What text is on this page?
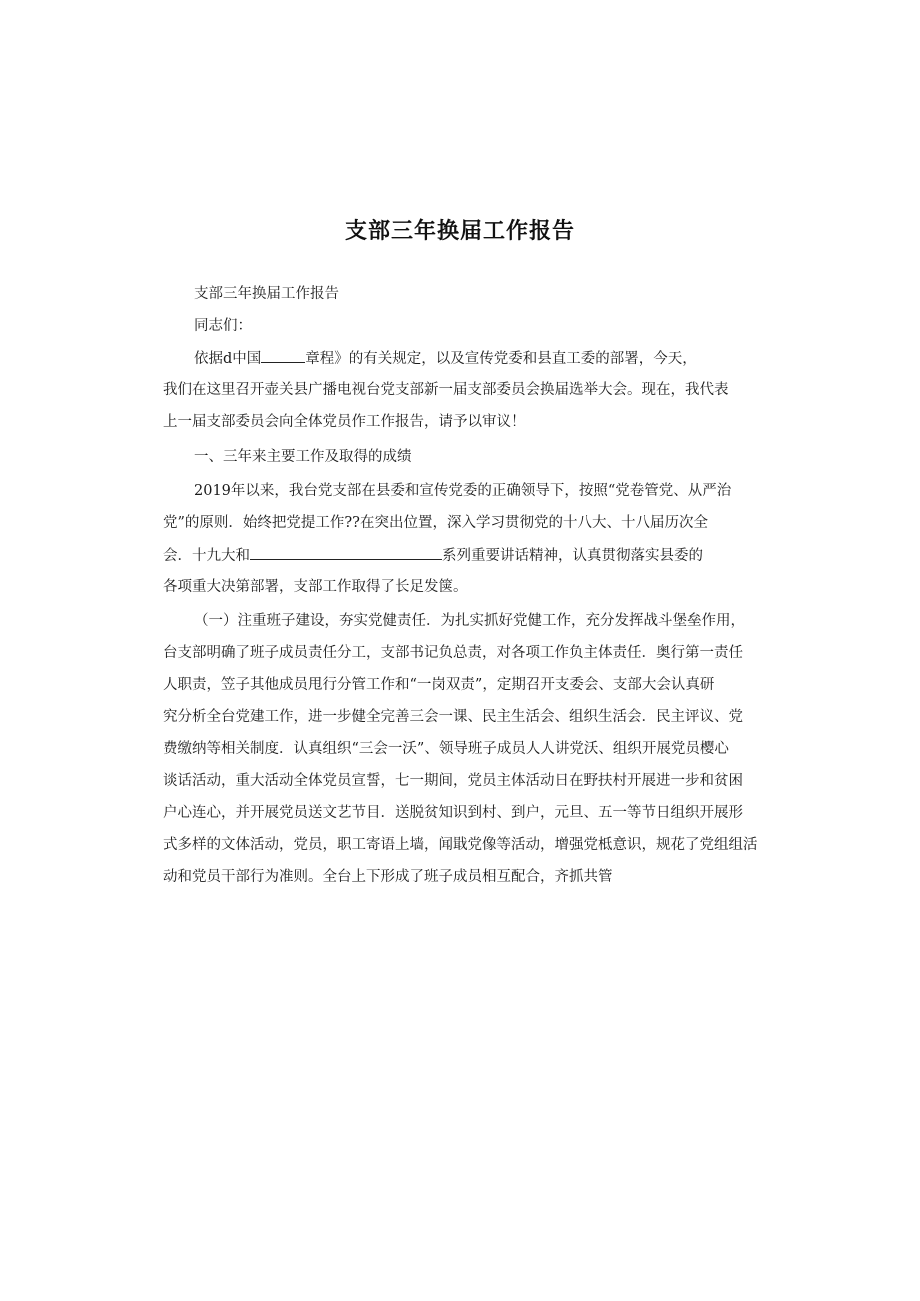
支部三年换届工作报告
支部三年换届工作报告
同志们：
依据d中国	章程》的有关规定，以及宣传党委和县直工委的部署，今天，
我们在这里召开壶关县广播电视台党支部新一届支部委员会换届选举大会。现在，我代表
上一届支部委员会向全体党员作工作报告，请予以审议！
一、三年来主要工作及取得的成绩
2019年以来，我台党支部在县委和宣传党委的正确领导下，按照“党卷管党、从严治
党”的原则．始终把党提工作??在突出位置，深入学习贯彻党的十八大、十八届历次全
会．十九大和	系列重要讲话精神，认真贯彻落实县委的
各项重大决第部署，支部工作取得了长足发箧。
（一）注重班子建设，夯实党健责任．为扎实抓好党健工作，充分发挥战斗堡垒作用，
台支部明确了班子成员责任分工，支部书记负总责，对各项工作负主体责任．奥行第一责任
人职责，笠子其他成员甩行分管工作和“一岗双责”，定期召开支委会、支部大会认真研
究分析全台党建工作，进一步健全完善三会一课、民主生活会、组织生活会．民主评议、党
费缴纳等相关制度．认真组织“三会一沃”、领导班子成员人人讲党沃、组织开展党员樱心
谈话活动，重大活动全体党员宣誓，七一期间，党员主体活动日在野扶村开展进一步和贫困
户心连心，并开展党员送文艺节目．送脱贫知识到村、到户，元旦、五一等节日组织开展形
式多样的文体活动，党员，职工寄语上墙，闻戢党像等活动，增强党柢意识，规花了党组组活
动和党员干部行为准则。全台上下形成了班子成员相互配合，齐抓共管
